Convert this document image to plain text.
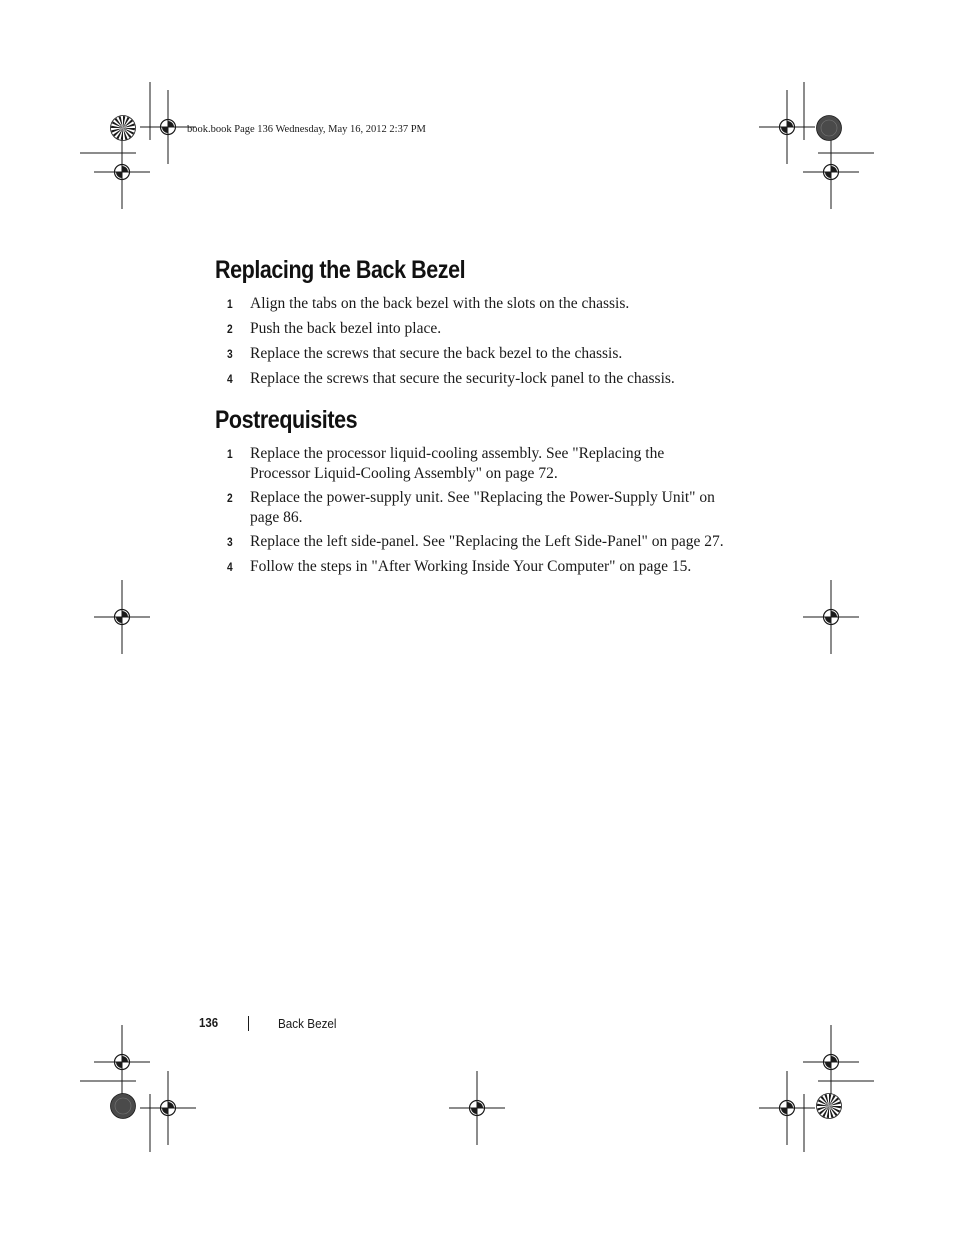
book.book Page 136 Wednesday, May 16, 2012 2:37 PM
Replacing the Back Bezel
1 Align the tabs on the back bezel with the slots on the chassis.
2 Push the back bezel into place.
3 Replace the screws that secure the back bezel to the chassis.
4 Replace the screws that secure the security-lock panel to the chassis.
Postrequisites
1 Replace the processor liquid-cooling assembly. See "Replacing the Processor Liquid-Cooling Assembly" on page 72.
2 Replace the power-supply unit. See "Replacing the Power-Supply Unit" on page 86.
3 Replace the left side-panel. See "Replacing the Left Side-Panel" on page 27.
4 Follow the steps in "After Working Inside Your Computer" on page 15.
136	Back Bezel
